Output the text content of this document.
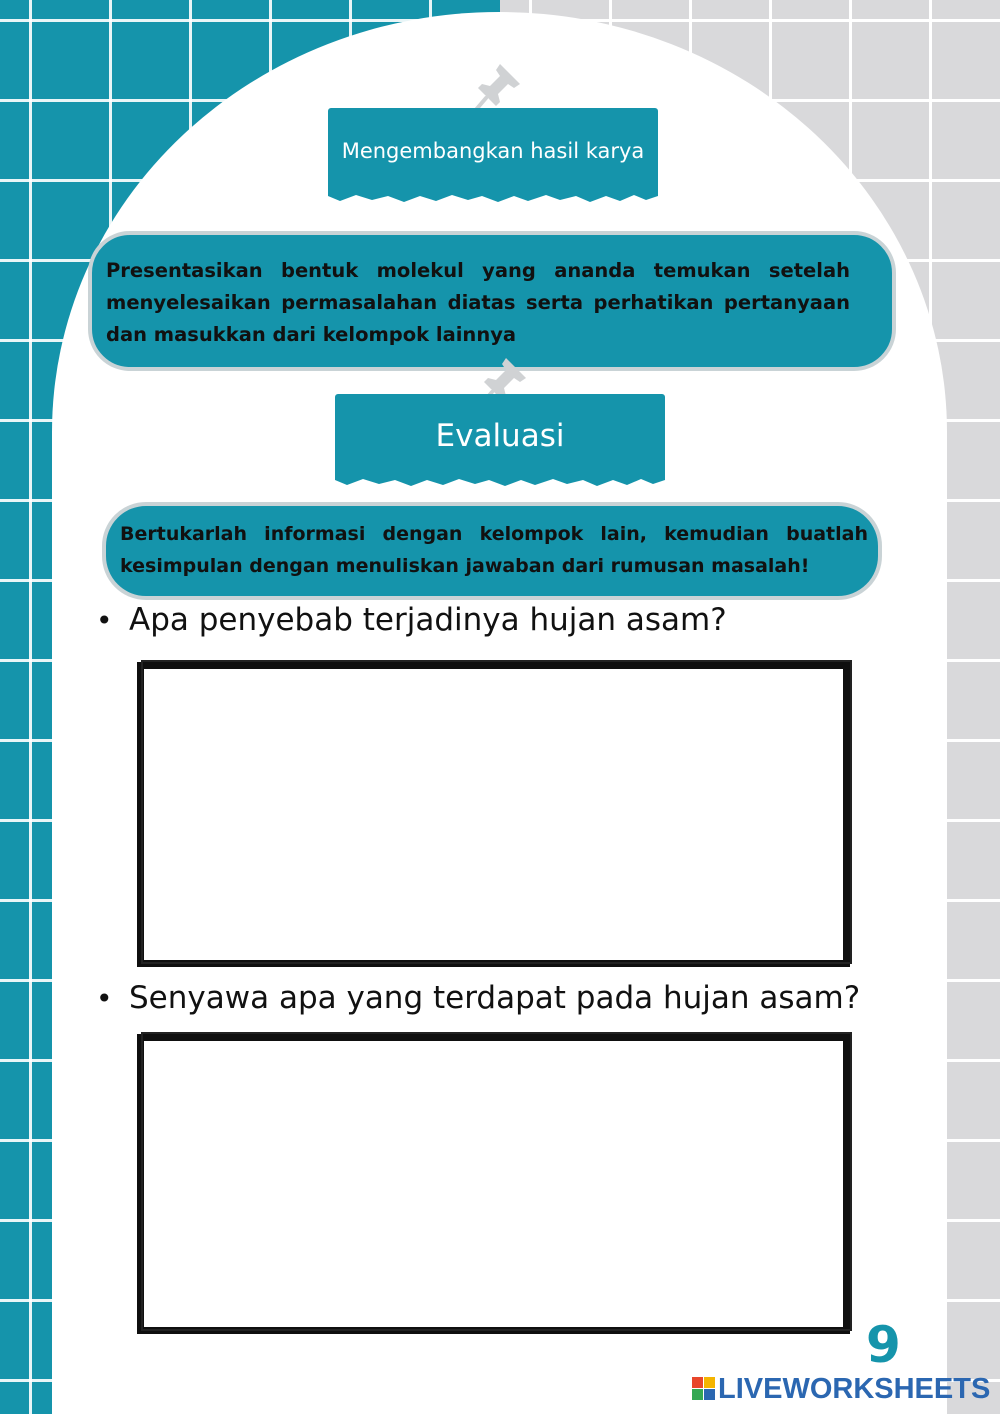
Mengembangkan hasil karya
Presentasikan bentuk molekul yang ananda temukan setelah menyelesaikan permasalahan diatas serta perhatikan pertanyaan dan masukkan dari kelompok lainnya
Evaluasi
Bertukarlah informasi dengan kelompok lain, kemudian buatlah kesimpulan dengan menuliskan jawaban dari rumusan masalah!
• Apa penyebab terjadinya hujan asam?
• Senyawa apa yang terdapat pada hujan asam?
9
LIVEWORKSHEETS
